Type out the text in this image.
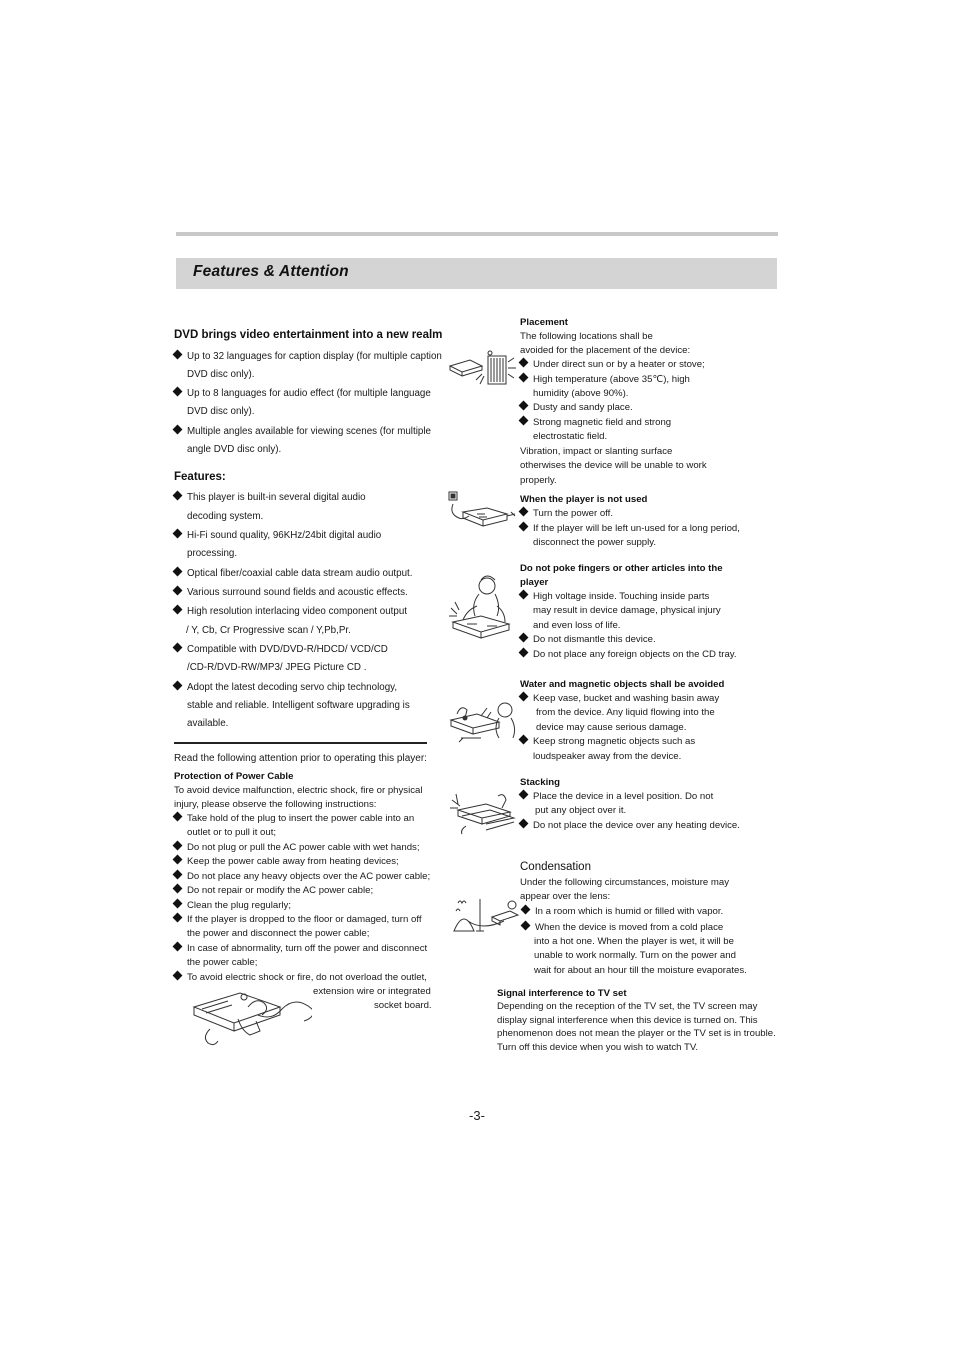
Features & Attention
DVD brings video entertainment into a new realm
Up to 32 languages for caption display (for multiple caption
DVD disc only).
Up to 8 languages for audio effect (for multiple language
DVD disc only).
Multiple angles available for viewing scenes (for multiple
angle DVD disc only).
Features:
This player is built-in several digital audio
decoding system.
Hi-Fi sound quality, 96KHz/24bit digital audio
processing.
Optical fiber/coaxial cable data stream audio output.
Various surround sound fields and acoustic effects.
High resolution interlacing video component output
/ Y, Cb, Cr Progressive scan / Y,Pb,Pr.
Compatible with DVD/DVD-R/HDCD/ VCD/CD
/CD-R/DVD-RW/MP3/ JPEG Picture CD .
Adopt the latest decoding servo chip technology,
stable and reliable. Intelligent software upgrading is
available.
Read the following attention prior to operating this player:
Protection of Power Cable
To avoid device malfunction, electric shock, fire or physical
injury, please observe the following instructions:
Take hold of the plug to insert the power cable into an
outlet or to pull it out;
Do not plug or pull the AC power cable with wet hands;
Keep the power cable away from heating devices;
Do not place any heavy objects over the AC power cable;
Do not repair or modify the AC power cable;
Clean the plug regularly;
If the player is dropped to the floor or damaged, turn off
the power and disconnect the power cable;
In case of abnormality, turn off the power and disconnect
the power cable;
To avoid electric shock or fire, do not overload the outlet,
extension wire or integrated
socket board.
Placement
The following locations shall be
avoided for the placement of the device:
Under direct sun or by a heater or stove;
High temperature (above 35℃), high
humidity (above 90%).
Dusty and sandy place.
Strong magnetic field and strong
electrostatic field.
Vibration, impact or slanting surface
otherwises the device will be unable to work
properly.
When the player is not used
Turn the power off.
If the player will be left un-used for a long period,
disconnect the power supply.
Do not poke fingers or other articles into the
player
High voltage inside. Touching inside parts
may result in device damage, physical injury
and even loss of life.
Do not dismantle this device.
Do not place any foreign objects on the CD tray.
Water and magnetic objects shall be avoided
Keep vase, bucket and washing basin away
from the device. Any liquid flowing into the
device may cause serious damage.
Keep strong magnetic objects such as
loudspeaker away from the device.
Stacking
Place the device in a level position. Do not
put any object over it.
Do not place the device over any heating device.
Condensation
Under the following circumstances, moisture may
appear over the lens:
In a room which is humid or filled with vapor.
When the device is moved from a cold place
into a hot one. When the player is wet, it will be
unable to work normally. Turn on the power and
wait for about an hour till the moisture evaporates.
Signal interference to TV set
Depending on the reception of the TV set, the TV screen may
display signal interference when this device is turned on. This
phenomenon does not mean the player or the TV set is in trouble.
Turn off this device when you wish to watch TV.
-3-
